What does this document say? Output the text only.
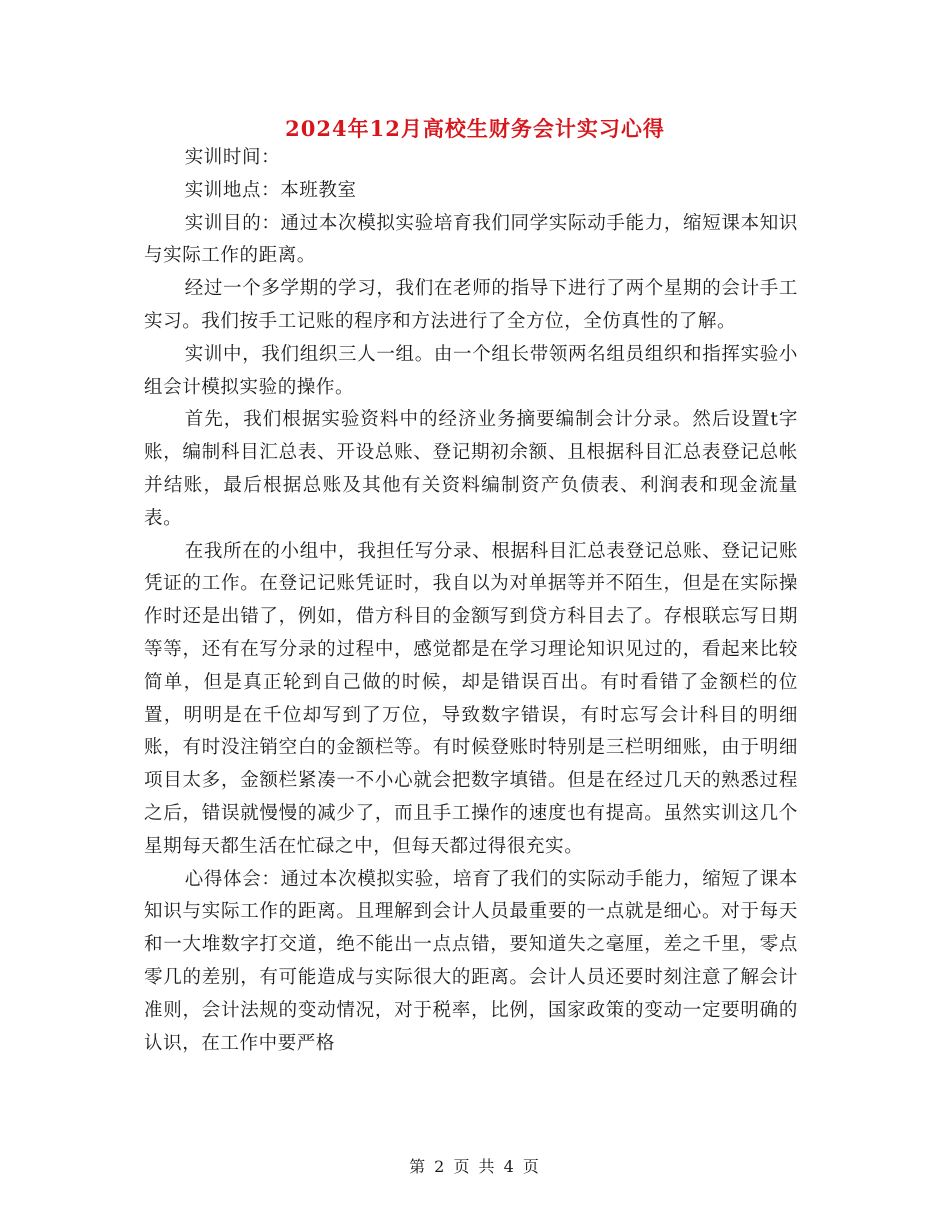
2024年12月高校生财务会计实习心得

实训时间：

实训地点：本班教室

实训目的：通过本次模拟实验培育我们同学实际动手能力，缩短课本知识与实际工作的距离。

经过一个多学期的学习，我们在老师的指导下进行了两个星期的会计手工实习。我们按手工记账的程序和方法进行了全方位，全仿真性的了解。

实训中，我们组织三人一组。由一个组长带领两名组员组织和指挥实验小组会计模拟实验的操作。

首先，我们根据实验资料中的经济业务摘要编制会计分录。然后设置t字账，编制科目汇总表、开设总账、登记期初余额、且根据科目汇总表登记总帐并结账，最后根据总账及其他有关资料编制资产负债表、利润表和现金流量表。

在我所在的小组中，我担任写分录、根据科目汇总表登记总账、登记记账凭证的工作。在登记记账凭证时，我自以为对单据等并不陌生，但是在实际操作时还是出错了，例如，借方科目的金额写到贷方科目去了。存根联忘写日期等等，还有在写分录的过程中，感觉都是在学习理论知识见过的，看起来比较简单，但是真正轮到自己做的时候，却是错误百出。有时看错了金额栏的位置，明明是在千位却写到了万位，导致数字错误，有时忘写会计科目的明细账，有时没注销空白的金额栏等。有时候登账时特别是三栏明细账，由于明细项目太多，金额栏紧凑一不小心就会把数字填错。但是在经过几天的熟悉过程之后，错误就慢慢的减少了，而且手工操作的速度也有提高。虽然实训这几个星期每天都生活在忙碌之中，但每天都过得很充实。

心得体会：通过本次模拟实验，培育了我们的实际动手能力，缩短了课本知识与实际工作的距离。且理解到会计人员最重要的一点就是细心。对于每天和一大堆数字打交道，绝不能出一点点错，要知道失之毫厘，差之千里，零点零几的差别，有可能造成与实际很大的距离。会计人员还要时刻注意了解会计准则，会计法规的变动情况，对于税率，比例，国家政策的变动一定要明确的认识，在工作中要严格

第 2 页 共 4 页
